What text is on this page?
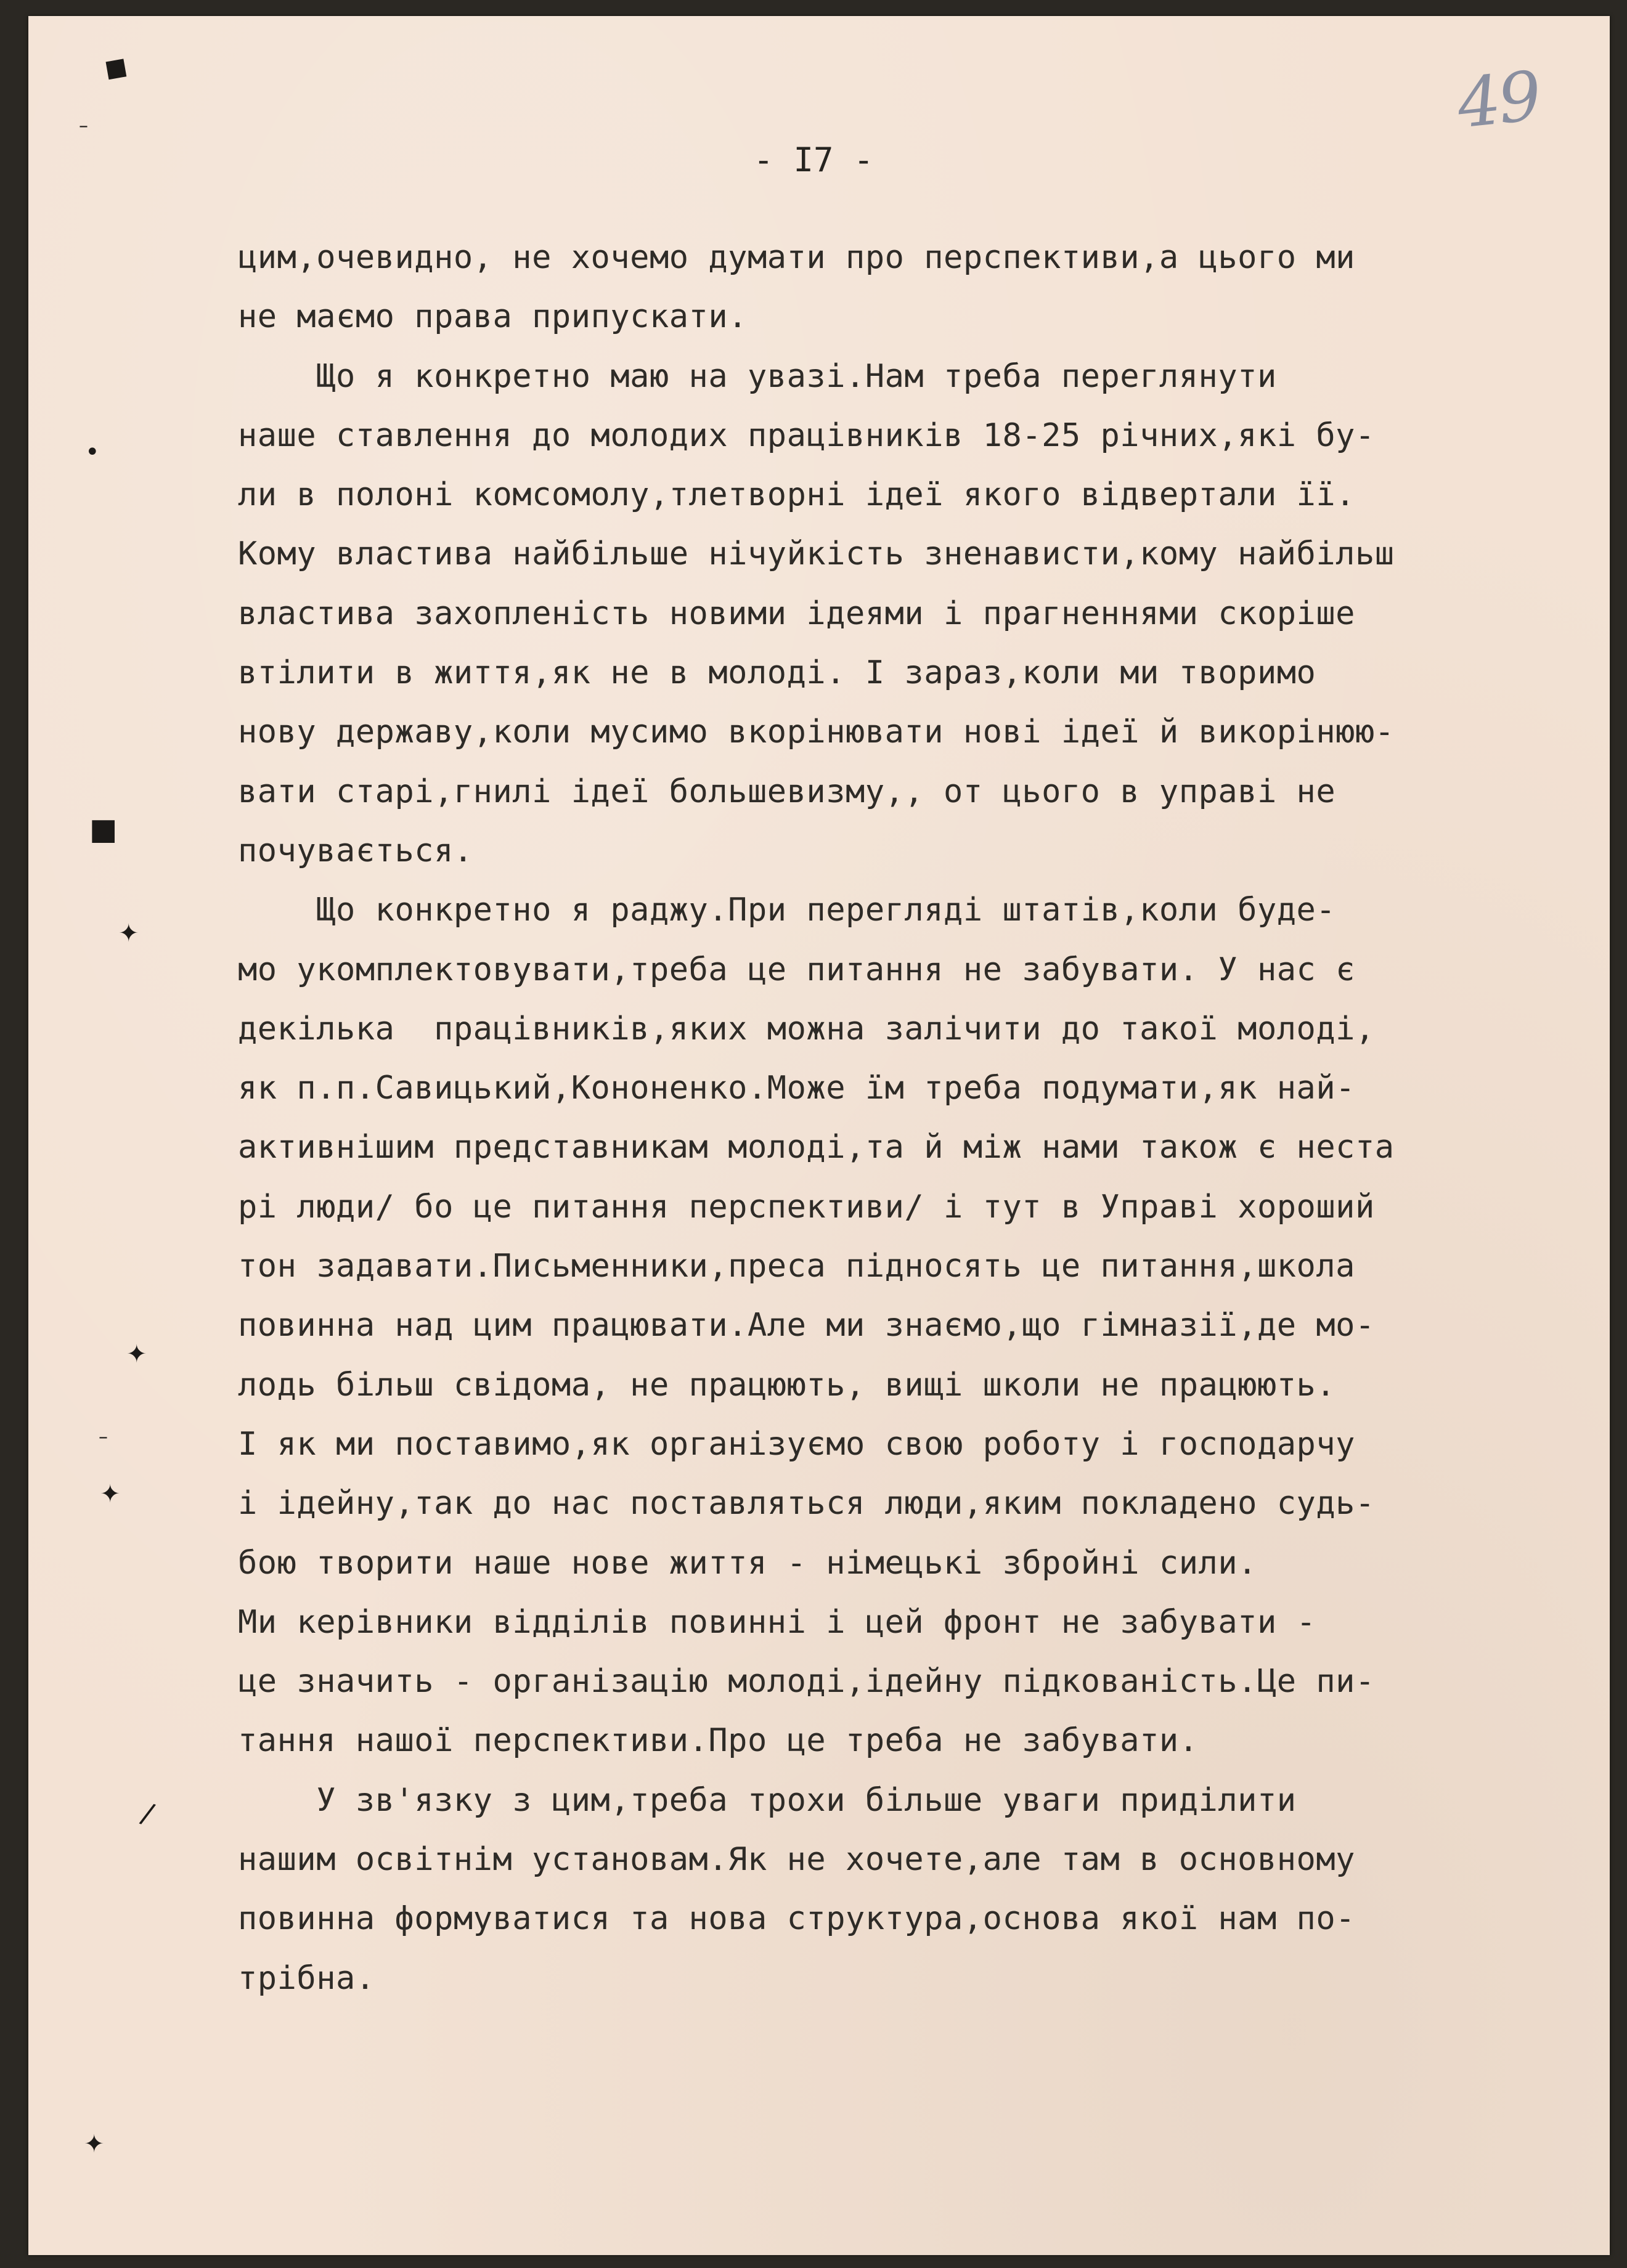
49
- I7 -
цим,очевидно, не хочемо думати про перспективи,а цього ми
не маємо права припускати.
Що я конкретно маю на увазі.Нам треба переглянути
наше ставлення до молодих працівників 18-25 річних,які бу-
ли в полоні комсомолу,тлетворні ідеї якого відвертали її.
Кому властива найбільше нічуйкість зненависти,кому найбільш
властива захопленість новими ідеями і прагненнями скоріше
втілити в життя,як не в молоді. І зараз,коли ми творимо
нову державу,коли мусимо вкорінювати нові ідеї й викорінюю-
вати старі,гнилі ідеї большевизму,, от цього в управі не
почувається.
Що конкретно я раджу.При перегляді штатів,коли буде-
мо укомплектовувати,треба це питання не забувати. У нас є
декілька  працівників,яких можна залічити до такої молоді,
як п.п.Савицький,Кононенко.Може їм треба подумати,як най-
активнішим представникам молоді,та й між нами також є неста
рі люди/ бо це питання перспективи/ і тут в Управі хороший
тон задавати.Письменники,преса підносять це питання,школа
повинна над цим працювати.Але ми знаємо,що гімназії,де мо-
лодь більш свідома, не працюють, вищі школи не працюють.
І як ми поставимо,як організуємо свою роботу і господарчу
і ідейну,так до нас поставляться люди,яким покладено судь-
бою творити наше нове життя - німецькі збройні сили.
Ми керівники відділів повинні і цей фронт не забувати -
це значить - організацію молоді,ідейну підкованість.Це пи-
тання нашої перспективи.Про це треба не забувати.
У зв'язку з цим,треба трохи більше уваги приділити
нашим освітнім установам.Як не хочете,але там в основному
повинна формуватися та нова структура,основа якої нам по-
трібна.
◆
–
•
■
✦
✦
–
✦
/
✦
